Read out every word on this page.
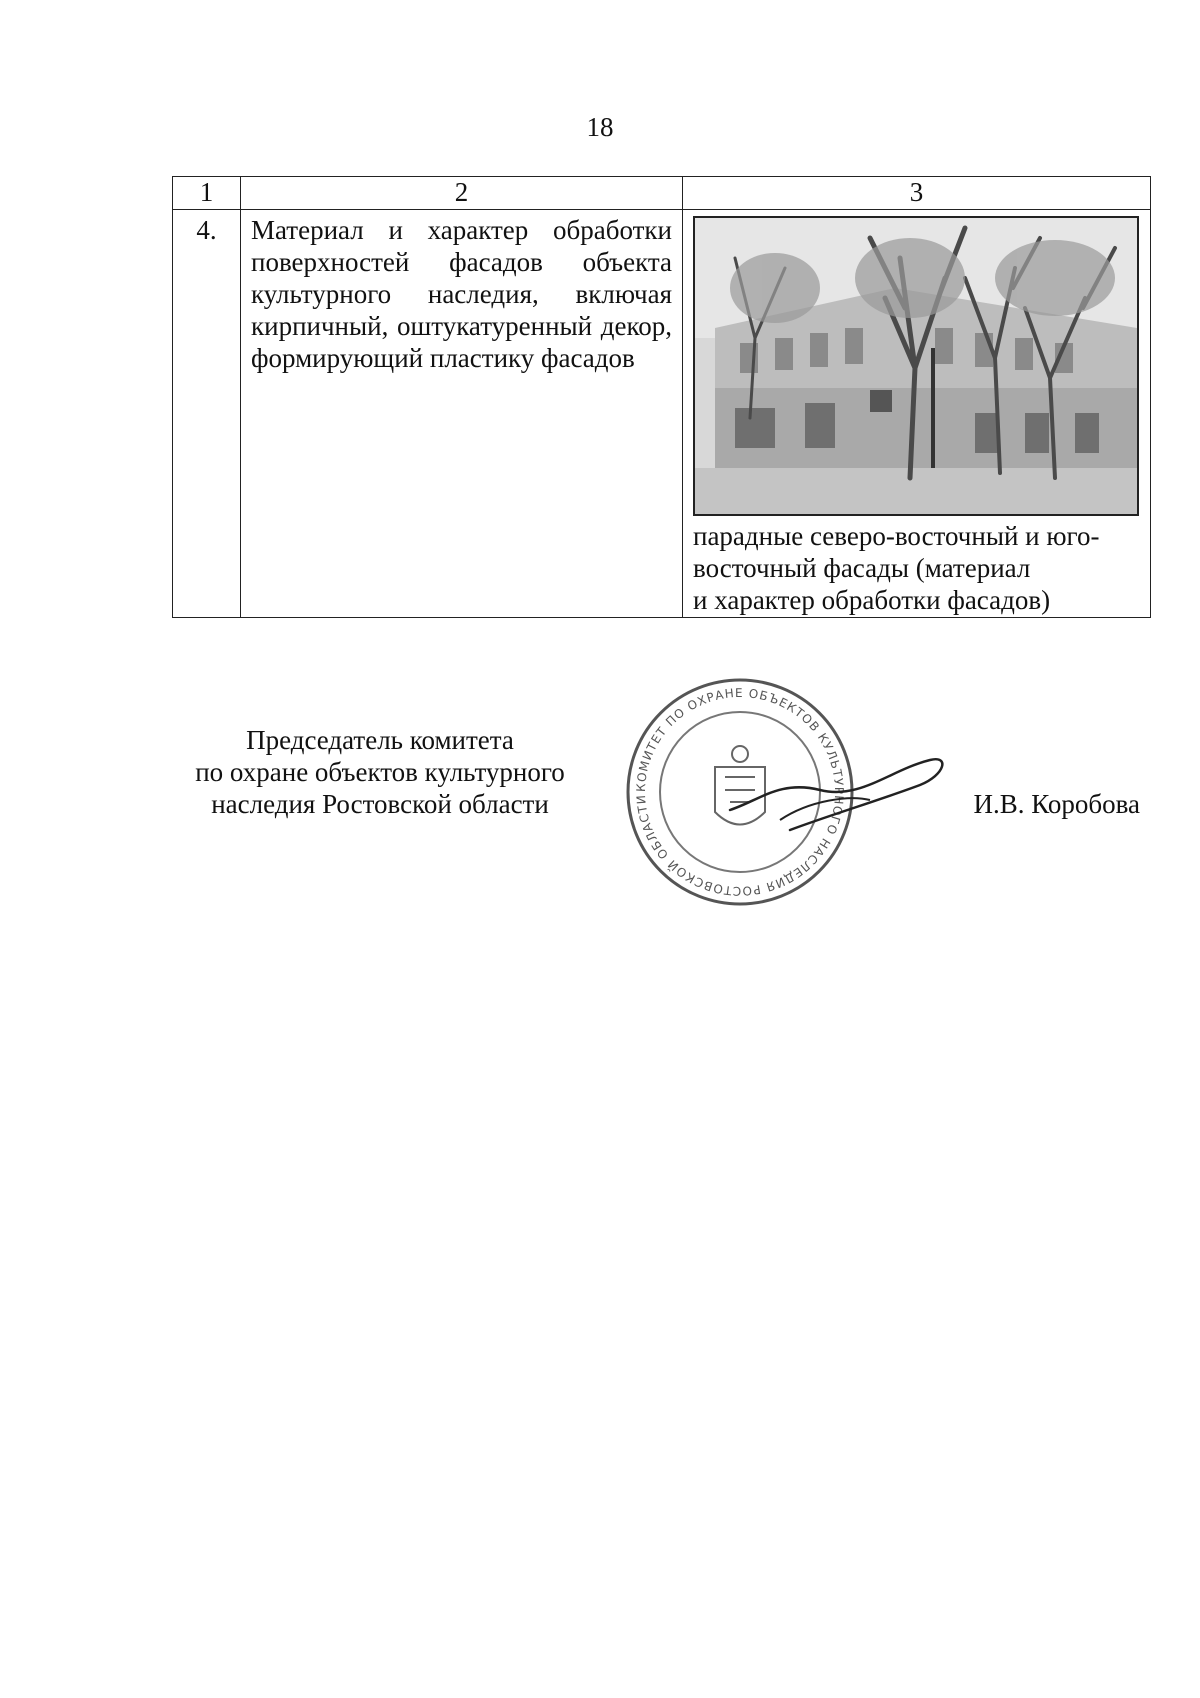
18
1	2	3
4.	Материал и характер обработки поверхностей фасадов объекта культурного наследия, включая кирпичный, оштукатуренный декор, формирующий пластику фасадов	парадные северо-восточный и юго-
восточный фасады (материал
и характер обработки фасадов)
Председатель комитета
по охране объектов культурного
наследия Ростовской области
КОМИТЕТ ПО ОХРАНЕ ОБЪЕКТОВ КУЛЬТУРНОГО НАСЛЕДИЯ РОСТОВСКОЙ ОБЛАСТИ	И.В. Коробова
